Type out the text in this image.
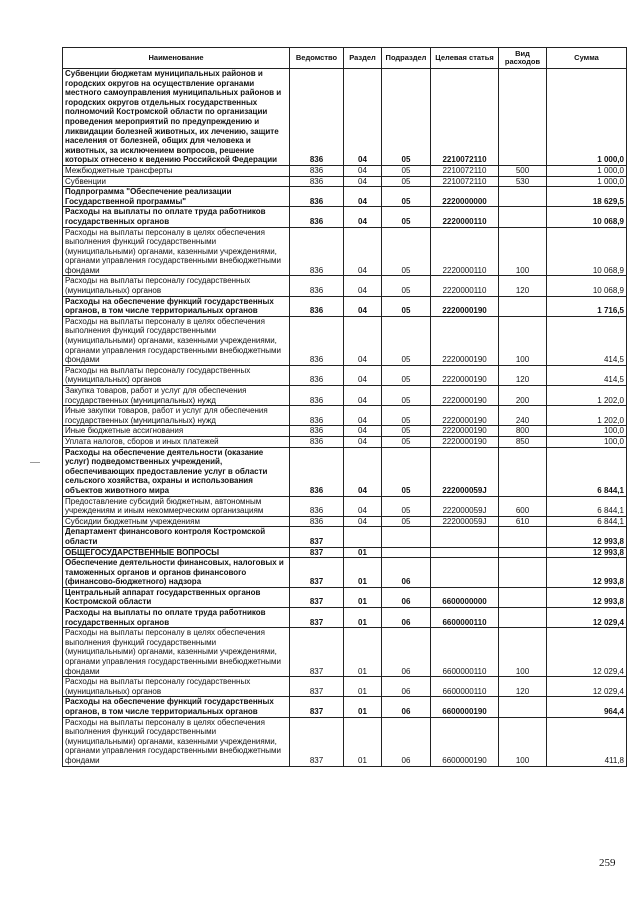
Наименование	Ведомство	Раздел	Подраздел	Целевая статья	Вид расходов	Сумма
Субвенции бюджетам муниципальных районов и городских округов на осуществление органами местного самоуправления муниципальных районов и городских округов отдельных государственных полномочий Костромской области по организации проведения мероприятий по предупреждению и ликвидации болезней животных, их лечению, защите населения от болезней, общих для человека и животных, за исключением вопросов, решение которых отнесено к ведению Российской Федерации	836	04	05	2210072110		1 000,0
Межбюджетные трансферты	836	04	05	2210072110	500	1 000,0
Субвенции	836	04	05	2210072110	530	1 000,0
Подпрограмма "Обеспечение реализации Государственной программы"	836	04	05	2220000000		18 629,5
Расходы на выплаты по оплате труда работников государственных органов	836	04	05	2220000110		10 068,9
Расходы на выплаты персоналу в целях обеспечения выполнения функций государственными (муниципальными) органами, казенными учреждениями, органами управления государственными внебюджетными фондами	836	04	05	2220000110	100	10 068,9
Расходы на выплаты персоналу государственных (муниципальных) органов	836	04	05	2220000110	120	10 068,9
Расходы на обеспечение функций государственных органов, в том числе территориальных органов	836	04	05	2220000190		1 716,5
Расходы на выплаты персоналу в целях обеспечения выполнения функций государственными (муниципальными) органами, казенными учреждениями, органами управления государственными внебюджетными фондами	836	04	05	2220000190	100	414,5
Расходы на выплаты персоналу государственных (муниципальных) органов	836	04	05	2220000190	120	414,5
Закупка товаров, работ и услуг для обеспечения государственных (муниципальных) нужд	836	04	05	2220000190	200	1 202,0
Иные закупки товаров, работ и услуг для обеспечения государственных (муниципальных) нужд	836	04	05	2220000190	240	1 202,0
Иные бюджетные ассигнования	836	04	05	2220000190	800	100,0
Уплата налогов, сборов и иных платежей	836	04	05	2220000190	850	100,0
Расходы на обеспечение деятельности (оказание услуг) подведомственных учреждений, обеспечивающих предоставление услуг в области сельского хозяйства, охраны и использования объектов животного мира	836	04	05	222000059J		6 844,1
Предоставление субсидий бюджетным, автономным учреждениям и иным некоммерческим организациям	836	04	05	222000059J	600	6 844,1
Субсидии бюджетным учреждениям	836	04	05	222000059J	610	6 844,1
Департамент финансового контроля Костромской области	837					12 993,8
ОБЩЕГОСУДАРСТВЕННЫЕ ВОПРОСЫ	837	01				12 993,8
Обеспечение деятельности финансовых, налоговых и таможенных органов и органов финансового (финансово-бюджетного) надзора	837	01	06			12 993,8
Центральный аппарат государственных органов Костромской области	837	01	06	6600000000		12 993,8
Расходы на выплаты по оплате труда работников государственных органов	837	01	06	6600000110		12 029,4
Расходы на выплаты персоналу в целях обеспечения выполнения функций государственными (муниципальными) органами, казенными учреждениями, органами управления государственными внебюджетными фондами	837	01	06	6600000110	100	12 029,4
Расходы на выплаты персоналу государственных (муниципальных) органов	837	01	06	6600000110	120	12 029,4
Расходы на обеспечение функций государственных органов, в том числе территориальных органов	837	01	06	6600000190		964,4
Расходы на выплаты персоналу в целях обеспечения выполнения функций государственными (муниципальными) органами, казенными учреждениями, органами управления государственными внебюджетными фондами	837	01	06	6600000190	100	411,8
259
